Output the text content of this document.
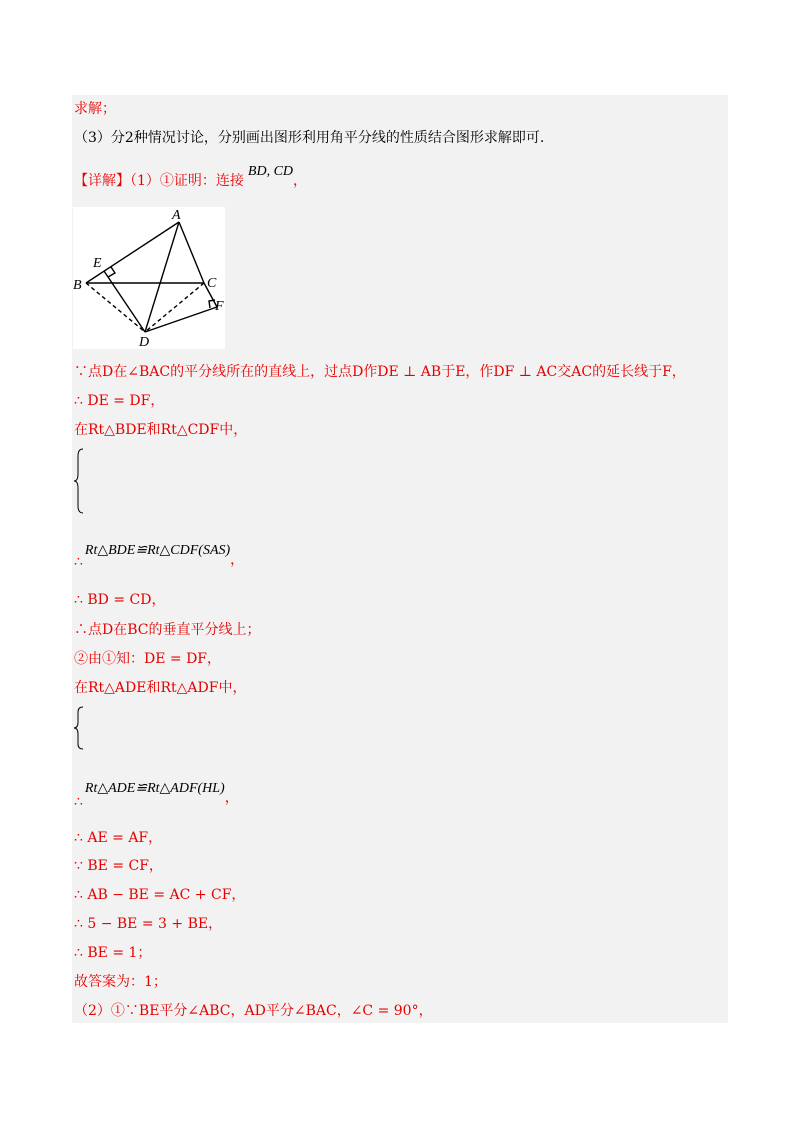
求解；
（3）分2种情况讨论，分别画出图形利用角平分线的性质结合图形求解即可.
【详解】（1）①证明：连接BD, CD，
A
E
B	C
F
D
∵点D在∠BAC的平分线所在的直线上，过点D作DE ⊥ AB于E，作DF ⊥ AC交AC的延长线于F，
∴ DE = DF，
在Rt△BDE和Rt△CDF中，
∴Rt△BDE≌Rt△CDF(SAS)，
∴ BD = CD，
∴点D在BC的垂直平分线上；
②由①知：DE = DF，
在Rt△ADE和Rt△ADF中，
∴Rt△ADE≌Rt△ADF(HL)，
∴ AE = AF，
∵ BE = CF，
∴ AB − BE = AC + CF，
∴ 5 − BE = 3 + BE，
∴ BE = 1；
故答案为：1；
（2）①∵BE平分∠ABC，AD平分∠BAC，∠C = 90°，
